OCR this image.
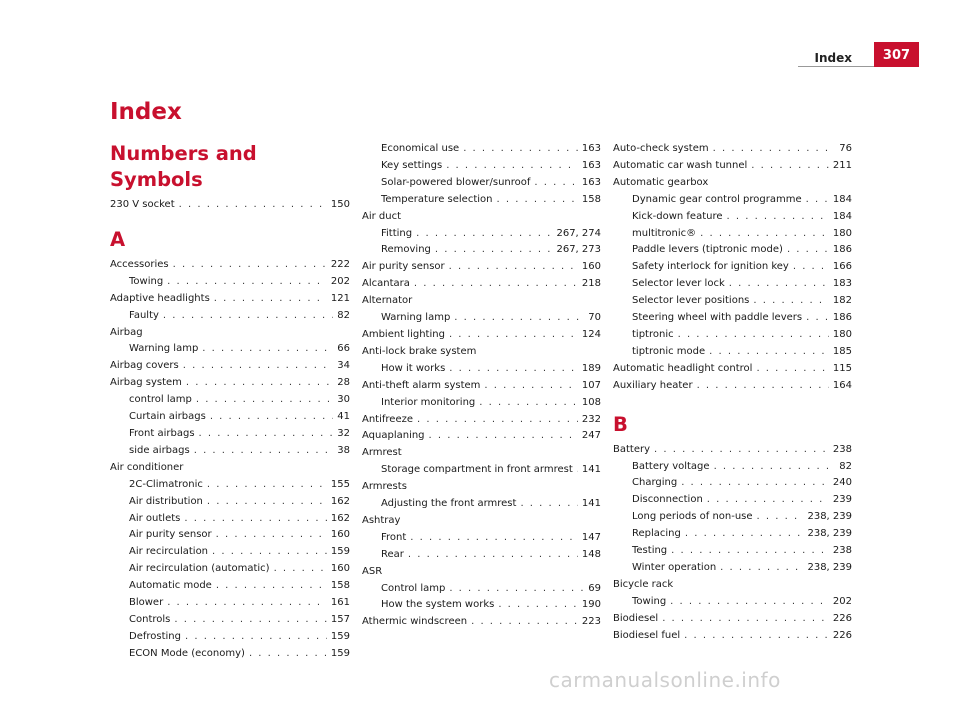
Index	307
Index
Numbers and Symbols
230 V socket . . .	150
A
Accessories . . .	222
Towing . . .	202
Adaptive headlights . . .	121
Faulty . . .	82
Airbag
Warning lamp . . .	66
Airbag covers . . .	34
Airbag system . . .	28
control lamp . . .	30
Curtain airbags . . .	41
Front airbags . . .	32
side airbags . . .	38
Air conditioner
2C-Climatronic . . .	155
Air distribution . . .	162
Air outlets . . .	162
Air purity sensor . . .	160
Air recirculation . . .	159
Air recirculation (automatic) . . .	160
Automatic mode . . .	158
Blower . . .	161
Controls . . .	157
Defrosting . . .	159
ECON Mode (economy) . . .	159
Economical use . . .	163
Key settings . . .	163
Solar-powered blower/sunroof . . .	163
Temperature selection . . .	158
Air duct
Fitting . . .	267, 274
Removing . . .	267, 273
Air purity sensor . . .	160
Alcantara . . .	218
Alternator
Warning lamp . . .	70
Ambient lighting . . .	124
Anti-lock brake system
How it works . . .	189
Anti-theft alarm system . . .	107
Interior monitoring . . .	108
Antifreeze . . .	232
Aquaplaning . . .	247
Armrest
Storage compartment in front armrest . . . 141
Armrests
Adjusting the front armrest . . .	141
Ashtray
Front . . .	147
Rear . . .	148
ASR
Control lamp . . .	69
How the system works . . .	190
Athermic windscreen . . .	223
Auto-check system . . .	76
Automatic car wash tunnel . . .	211
Automatic gearbox
Dynamic gear control programme . . .	184
Kick-down feature . . .	184
multitronic® . . .	180
Paddle levers (tiptronic mode) . . .	186
Safety interlock for ignition key . . .	166
Selector lever lock . . .	183
Selector lever positions . . .	182
Steering wheel with paddle levers . . .	186
tiptronic . . .	180
tiptronic mode . . .	185
Automatic headlight control . . .	115
Auxiliary heater . . .	164
B
Battery . . .	238
Battery voltage . . .	82
Charging . . .	240
Disconnection . . .	239
Long periods of non-use . . .	238, 239
Replacing . . .	238, 239
Testing . . .	238
Winter operation . . .	238, 239
Bicycle rack
Towing . . .	202
Biodiesel . . .	226
Biodiesel fuel . . .	226
carmanualsonline.info
